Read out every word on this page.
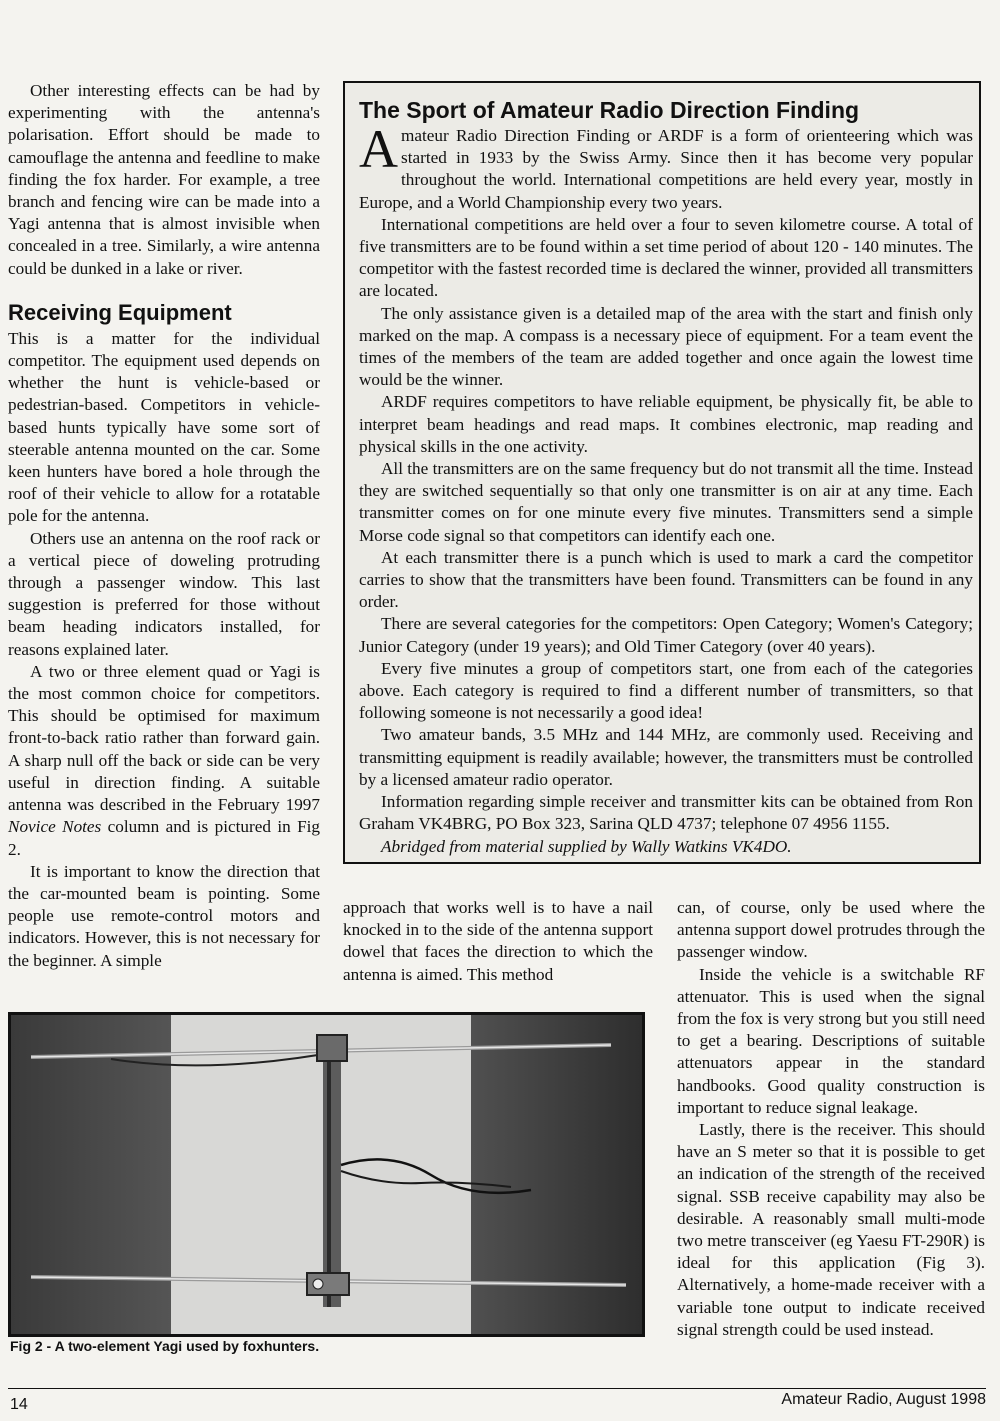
Other interesting effects can be had by experimenting with the antenna's polarisation. Effort should be made to camouflage the antenna and feedline to make finding the fox harder. For example, a tree branch and fencing wire can be made into a Yagi antenna that is almost invisible when concealed in a tree. Similarly, a wire antenna could be dunked in a lake or river.

Receiving Equipment

This is a matter for the individual competitor. The equipment used depends on whether the hunt is vehicle-based or pedestrian-based. Competitors in vehicle-based hunts typically have some sort of steerable antenna mounted on the car. Some keen hunters have bored a hole through the roof of their vehicle to allow for a rotatable pole for the antenna.

Others use an antenna on the roof rack or a vertical piece of doweling protruding through a passenger window. This last suggestion is preferred for those without beam heading indicators installed, for reasons explained later.

A two or three element quad or Yagi is the most common choice for competitors. This should be optimised for maximum front-to-back ratio rather than forward gain. A sharp null off the back or side can be very useful in direction finding. A suitable antenna was described in the February 1997 Novice Notes column and is pictured in Fig 2.

It is important to know the direction that the car-mounted beam is pointing. Some people use remote-control motors and indicators. However, this is not necessary for the beginner. A simple

The Sport of Amateur Radio Direction Finding

Amateur Radio Direction Finding or ARDF is a form of orienteering which was started in 1933 by the Swiss Army. Since then it has become very popular throughout the world. International competitions are held every year, mostly in Europe, and a World Championship every two years.

International competitions are held over a four to seven kilometre course. A total of five transmitters are to be found within a set time period of about 120 - 140 minutes. The competitor with the fastest recorded time is declared the winner, provided all transmitters are located.

The only assistance given is a detailed map of the area with the start and finish only marked on the map. A compass is a necessary piece of equipment. For a team event the times of the members of the team are added together and once again the lowest time would be the winner.

ARDF requires competitors to have reliable equipment, be physically fit, be able to interpret beam headings and read maps. It combines electronic, map reading and physical skills in the one activity.

All the transmitters are on the same frequency but do not transmit all the time. Instead they are switched sequentially so that only one transmitter is on air at any time. Each transmitter comes on for one minute every five minutes. Transmitters send a simple Morse code signal so that competitors can identify each one.

At each transmitter there is a punch which is used to mark a card the competitor carries to show that the transmitters have been found. Transmitters can be found in any order.

There are several categories for the competitors: Open Category; Women's Category; Junior Category (under 19 years); and Old Timer Category (over 40 years).

Every five minutes a group of competitors start, one from each of the categories above. Each category is required to find a different number of transmitters, so that following someone is not necessarily a good idea!

Two amateur bands, 3.5 MHz and 144 MHz, are commonly used. Receiving and transmitting equipment is readily available; however, the transmitters must be controlled by a licensed amateur radio operator.

Information regarding simple receiver and transmitter kits can be obtained from Ron Graham VK4BRG, PO Box 323, Sarina QLD 4737; telephone 07 4956 1155.

Abridged from material supplied by Wally Watkins VK4DO.

approach that works well is to have a nail knocked in to the side of the antenna support dowel that faces the direction to which the antenna is aimed. This method

can, of course, only be used where the antenna support dowel protrudes through the passenger window.

Inside the vehicle is a switchable RF attenuator. This is used when the signal from the fox is very strong but you still need to get a bearing. Descriptions of suitable attenuators appear in the standard handbooks. Good quality construction is important to reduce signal leakage.

Lastly, there is the receiver. This should have an S meter so that it is possible to get an indication of the strength of the received signal. SSB receive capability may also be desirable. A reasonably small multi-mode two metre transceiver (eg Yaesu FT-290R) is ideal for this application (Fig 3). Alternatively, a home-made receiver with a variable tone output to indicate received signal strength could be used instead.

Fig 2 - A two-element Yagi used by foxhunters.
14	Amateur Radio, August 1998
